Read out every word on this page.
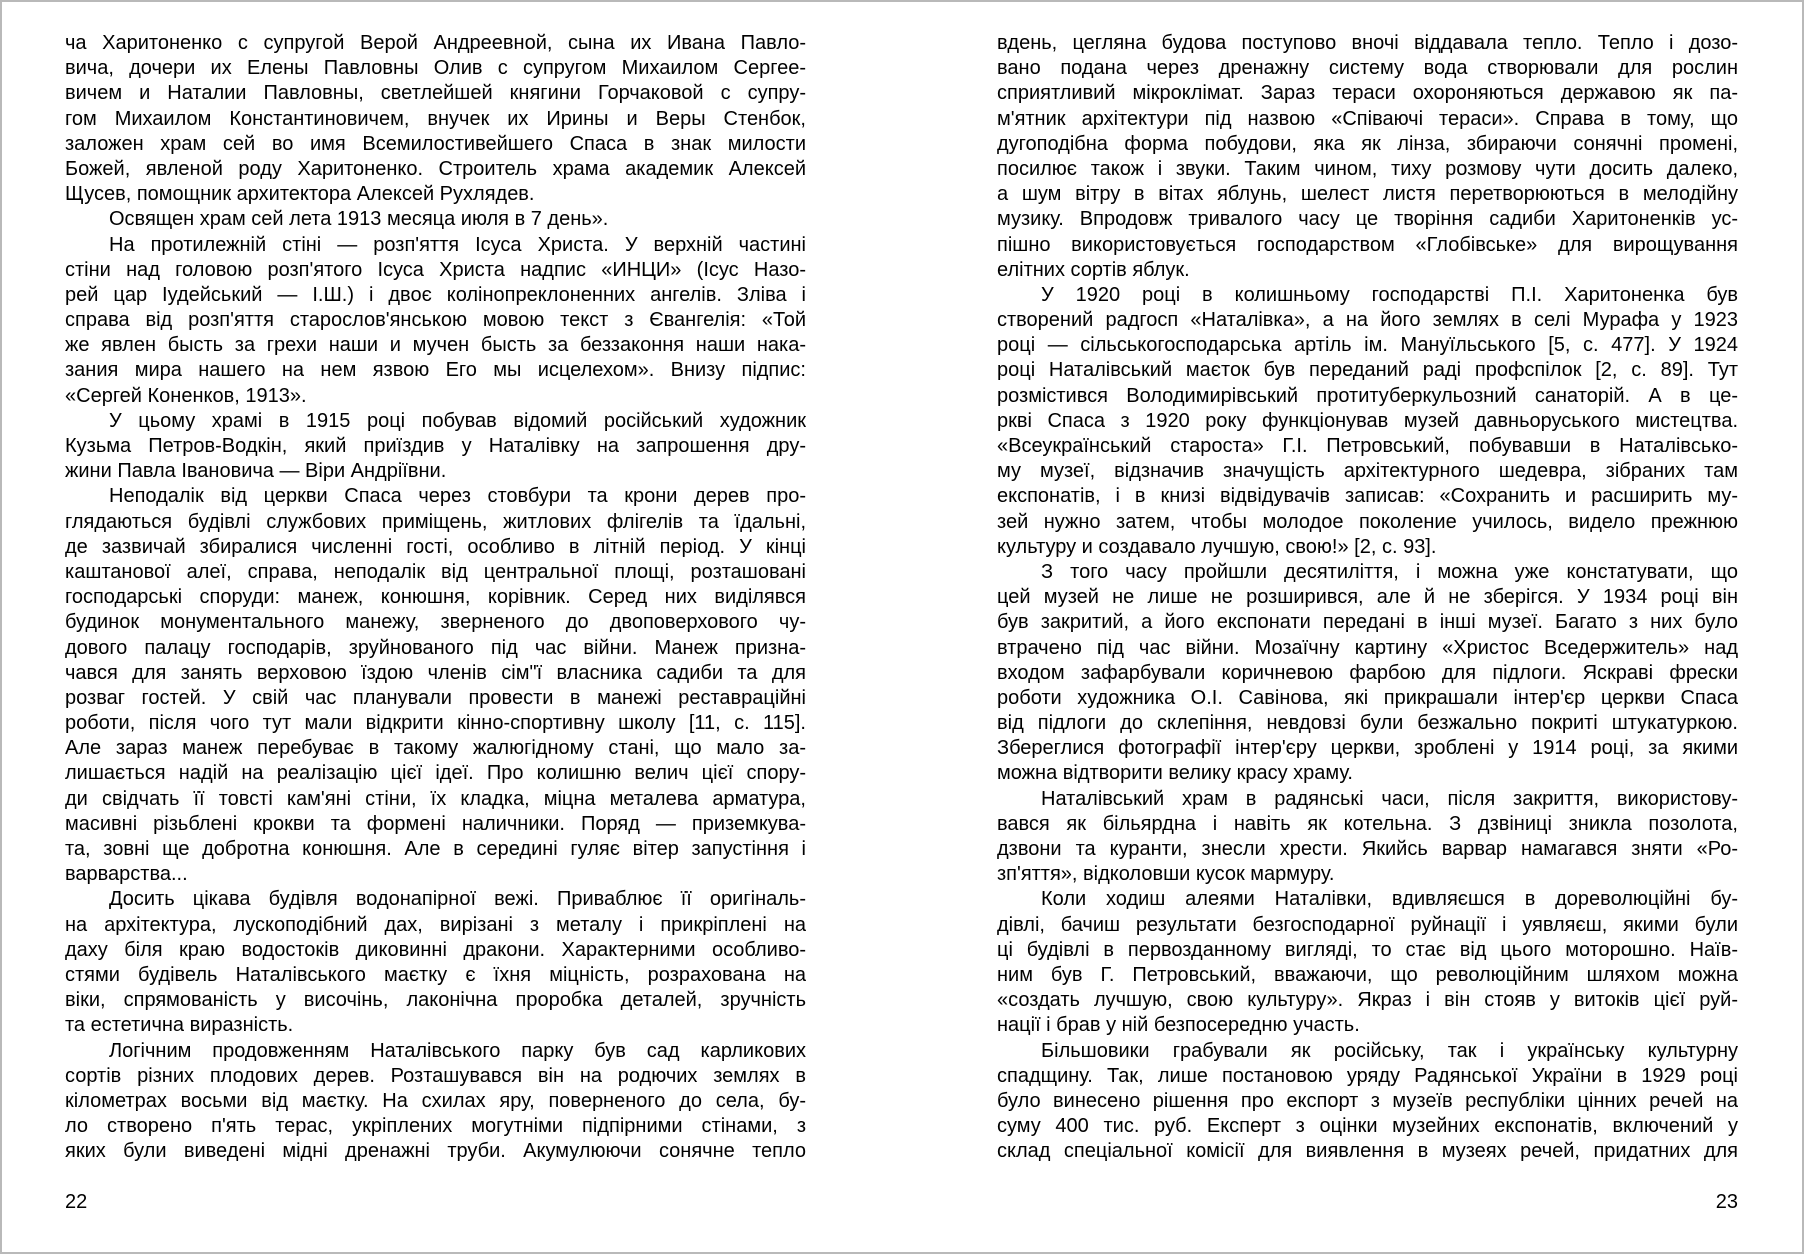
ча Харитоненко с супругой Верой Андреевной, сына их Ивана Павло-
вича, дочери их Елены Павловны Олив с супругом Михаилом Сергее-
вичем и Наталии Павловны, светлейшей княгини Горчаковой с супру-
гом Михаилом Константиновичем, внучек их Ирины и Веры Стенбок,
заложен храм сей во имя Всемилостивейшего Спаса в знак милости
Божей, явленой роду Харитоненко. Строитель храма академик Алексей
Щусев, помощник архитектора Алексей Рухлядев.
Освящен храм сей лета 1913 месяца июля в 7 день».
На протилежній стіні — розп'яття Ісуса Христа. У верхній частині
стіни над головою розп'ятого Ісуса Христа надпис «ИНЦИ» (Ісус Назо-
рей цар Іудейський — І.Ш.) і двоє колінопреклоненних ангелів. Зліва і
справа від розп'яття старослов'янською мовою текст з Євангелія: «Той
же явлен бысть за грехи наши и мучен бысть за беззаконня наши нака-
зания мира нашего на нем язвою Его мы исцелехом». Внизу підпис:
«Сергей Коненков, 1913».
У цьому храмі в 1915 році побував відомий російський художник
Кузьма Петров-Водкін, який приїздив у Наталівку на запрошення дру-
жини Павла Івановича — Віри Андріївни.
Неподалік від церкви Спаса через стовбури та крони дерев про-
глядаються будівлі службових приміщень, житлових флігелів та їдальні,
де зазвичай збиралися численні гості, особливо в літній період. У кінці
каштанової алеї, справа, неподалік від центральної площі, розташовані
господарські споруди: манеж, конюшня, корівник. Серед них виділявся
будинок монументального манежу, зверненого до двоповерхового чу-
дового палацу господарів, зруйнованого під час війни. Манеж призна-
чався для занять верховою їздою членів сім"ї власника садиби та для
розваг гостей. У свій час планували провести в манежі реставраційні
роботи, після чого тут мали відкрити кінно-спортивну школу [11, с. 115].
Але зараз манеж перебуває в такому жалюгідному стані, що мало за-
лишається надій на реалізацію цієї ідеї. Про колишню велич цієї спору-
ди свідчать її товсті кам'яні стіни, їх кладка, міцна металева арматура,
масивні різьблені крокви та формені наличники. Поряд — приземкува-
та, зовні ще добротна конюшня. Але в середині гуляє вітер запустіння і
варварства...
Досить цікава будівля водонапірної вежі. Приваблює її оригіналь-
на архітектура, лускоподібний дах, вирізані з металу і прикріплені на
даху біля краю водостоків диковинні дракони. Характерними особливо-
стями будівель Наталівського маєтку є їхня міцність, розрахована на
віки, спрямованість у височінь, лаконічна проробка деталей, зручність
та естетична виразність.
Логічним продовженням Наталівського парку був сад карликових
сортів різних плодових дерев. Розташувався він на родючих землях в
кілометрах восьми від маєтку. На схилах яру, поверненого до села, бу-
ло створено п'ять терас, укріплених могутніми підпірними стінами, з
яких були виведені мідні дренажні труби. Акумулюючи сонячне тепло
вдень, цегляна будова поступово вночі віддавала тепло. Тепло і дозо-
вано подана через дренажну систему вода створювали для рослин
сприятливий мікроклімат. Зараз тераси охороняються державою як па-
м'ятник архітектури під назвою «Співаючі тераси». Справа в тому, що
дугоподібна форма побудови, яка як лінза, збираючи сонячні промені,
посилює також і звуки. Таким чином, тиху розмову чути досить далеко,
а шум вітру в вітах яблунь, шелест листя перетворюються в мелодійну
музику. Впродовж тривалого часу це творіння садиби Харитоненків ус-
пішно використовується господарством «Глобівське» для вирощування
елітних сортів яблук.
У 1920 році в колишньому господарстві П.І. Харитоненка був
створений радгосп «Наталівка», а на його землях в селі Мурафа у 1923
році — сільськогосподарська артіль ім. Мануїльського [5, с. 477]. У 1924
році Наталівський маєток був переданий раді профспілок [2, с. 89]. Тут
розмістився Володимирівський протитуберкульозний санаторій. А в це-
ркві Спаса з 1920 року функціонував музей давньоруського мистецтва.
«Всеукраїнський староста» Г.І. Петровський, побувавши в Наталівсько-
му музеї, відзначив значущість архітектурного шедевра, зібраних там
експонатів, і в книзі відвідувачів записав: «Сохранить и расширить му-
зей нужно затем, чтобы молодое поколение училось, видело прежнюю
культуру и создавало лучшую, свою!» [2, с. 93].
З того часу пройшли десятиліття, і можна уже констатувати, що
цей музей не лише не розширився, але й не зберігся. У 1934 році він
був закритий, а його експонати передані в інші музеї. Багато з них було
втрачено під час війни. Мозаїчну картину «Христос Вседержитель» над
входом зафарбували коричневою фарбою для підлоги. Яскраві фрески
роботи художника О.І. Савінова, які прикрашали інтер'єр церкви Спаса
від підлоги до склепіння, невдовзі були безжально покриті штукатуркою.
Збереглися фотографії інтер'єру церкви, зроблені у 1914 році, за якими
можна відтворити велику красу храму.
Наталівський храм в радянські часи, після закриття, використову-
вався як більярдна і навіть як котельна. З дзвіниці зникла позолота,
дзвони та куранти, знесли хрести. Якийсь варвар намагався зняти «Ро-
зп'яття», відколовши кусок мармуру.
Коли ходиш алеями Наталівки, вдивляєшся в дореволюційні бу-
дівлі, бачиш результати безгосподарної руйнації і уявляєш, якими були
ці будівлі в первозданному вигляді, то стає від цього моторошно. Наїв-
ним був Г. Петровський, вважаючи, що революційним шляхом можна
«создать лучшую, свою культуру». Якраз і він стояв у витоків цієї руй-
нації і брав у ній безпосередню участь.
Більшовики грабували як російську, так і українську культурну
спадщину. Так, лише постановою уряду Радянської України в 1929 році
було винесено рішення про експорт з музеїв республіки цінних речей на
суму 400 тис. руб. Експерт з оцінки музейних експонатів, включений у
склад спеціальної комісії для виявлення в музеях речей, придатних для
22	23
